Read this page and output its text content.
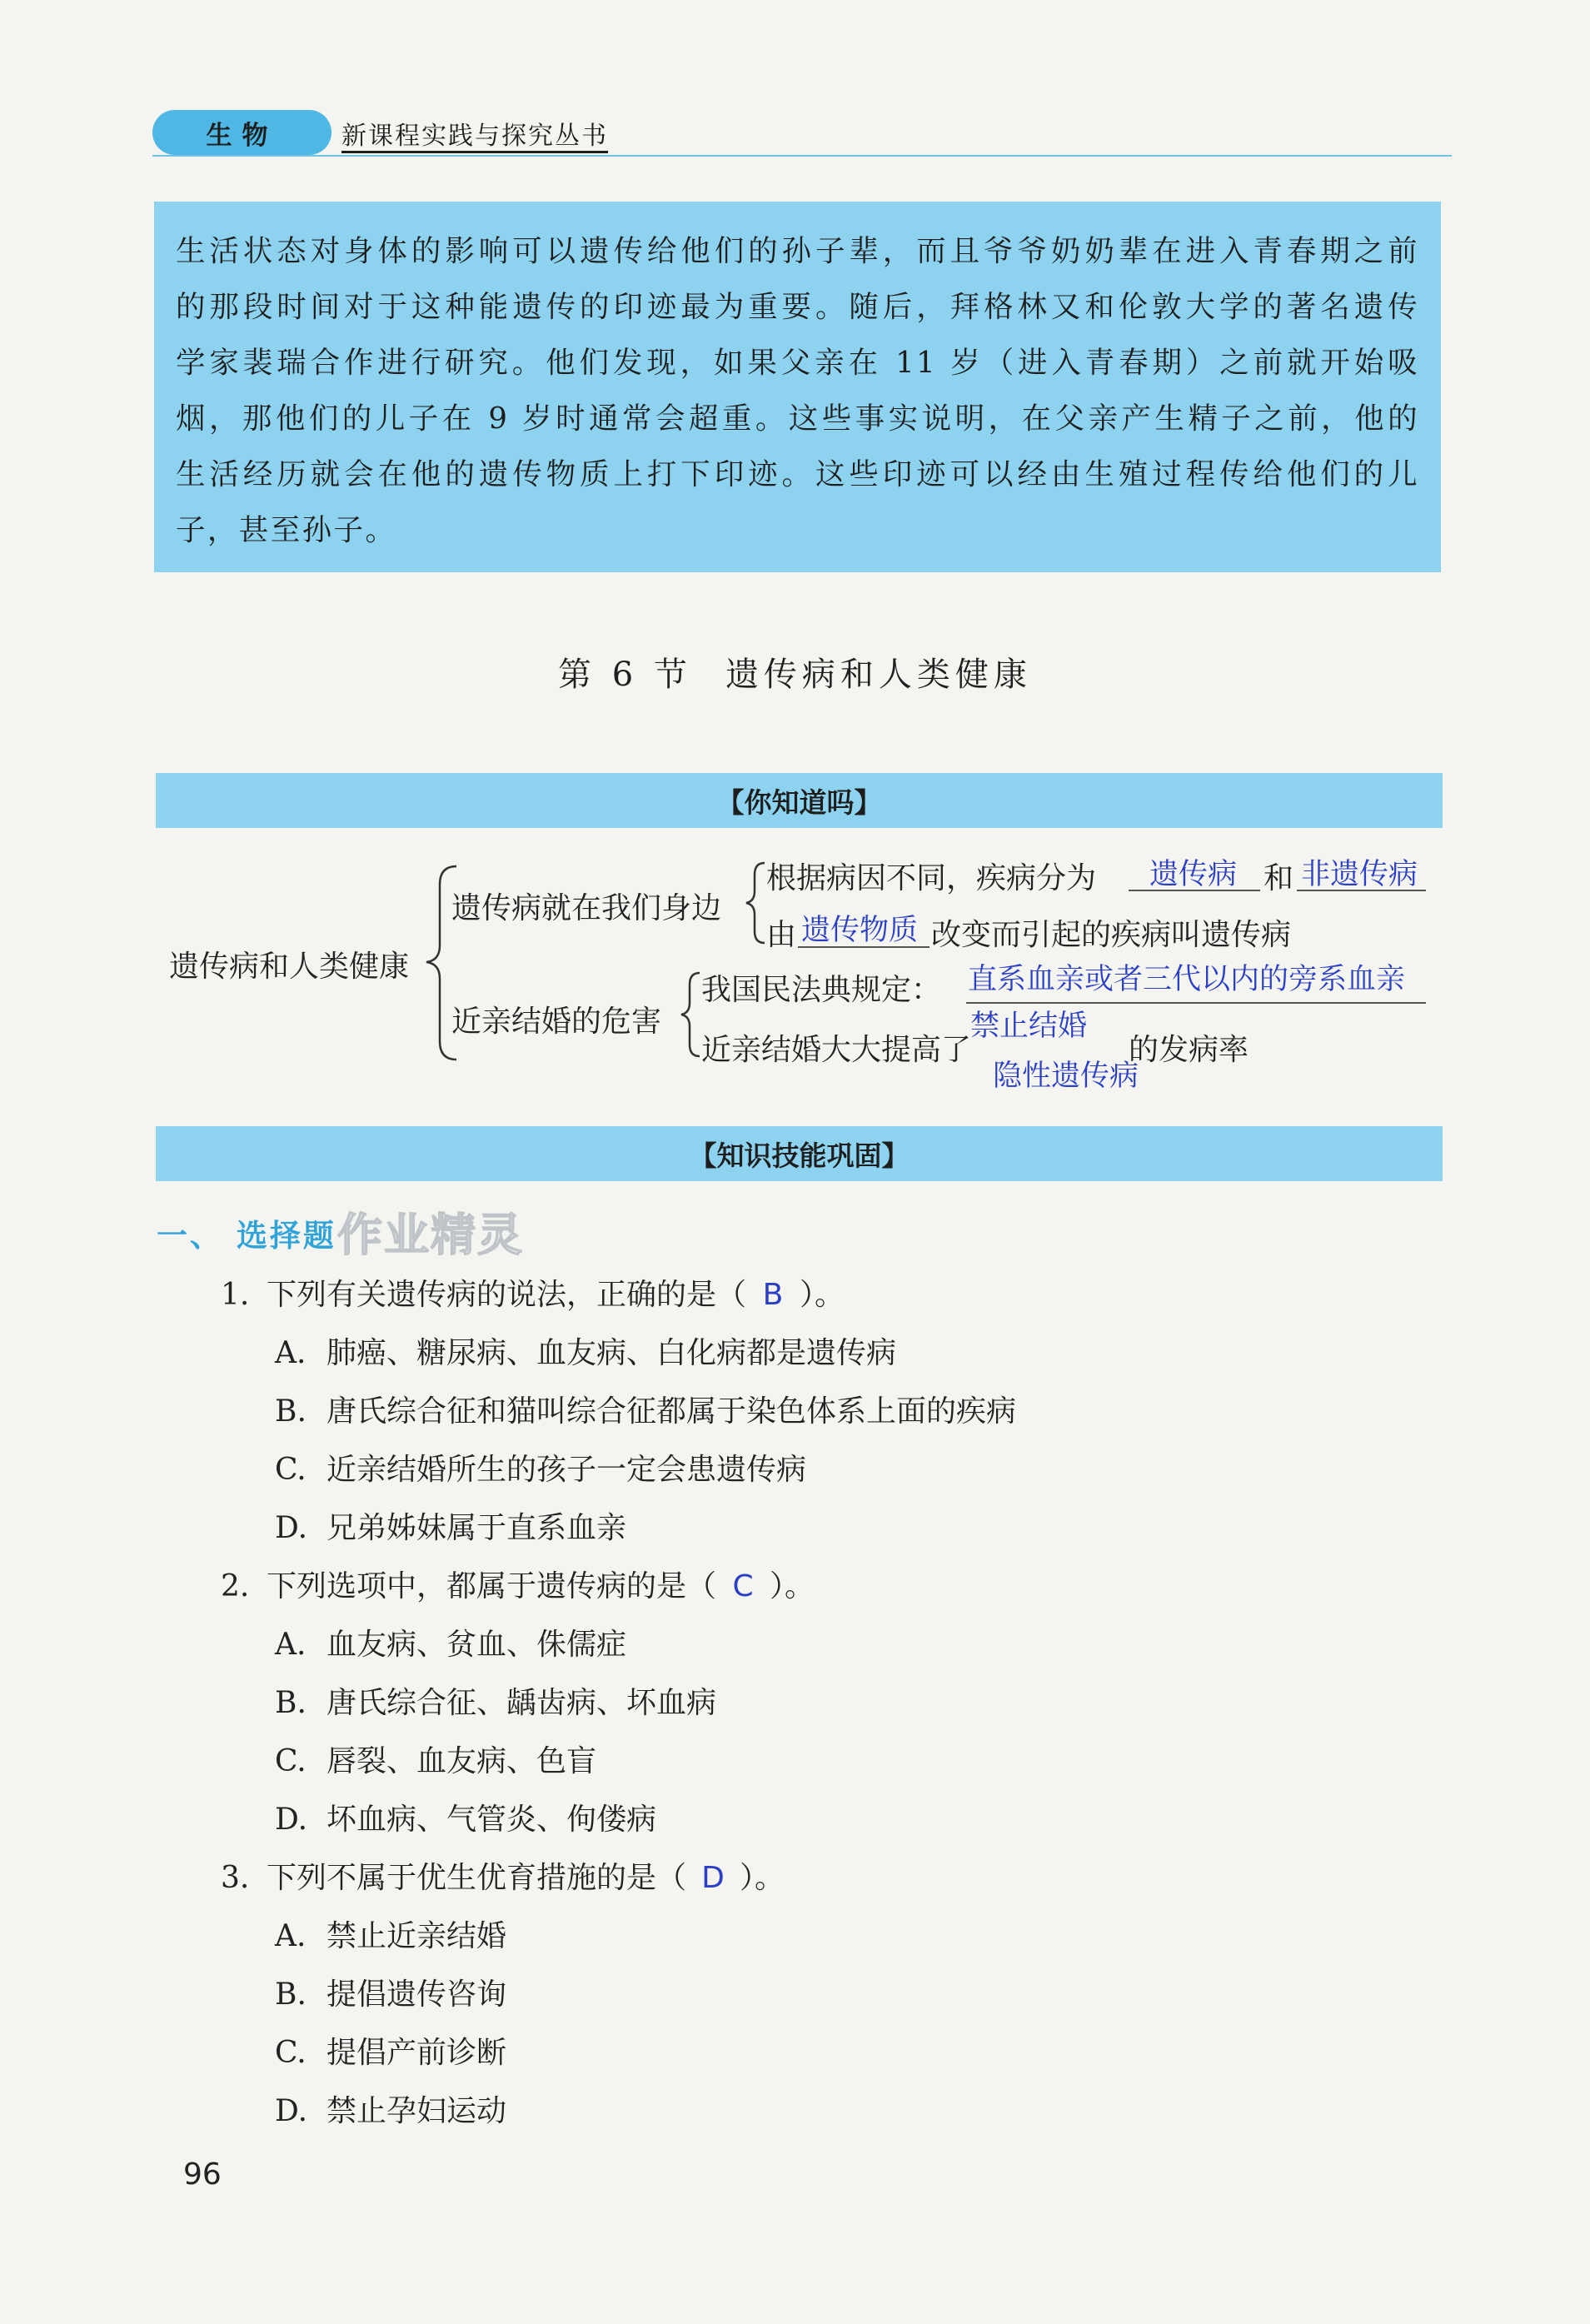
生物	新课程实践与探究丛书

生活状态对身体的影响可以遗传给他们的孙子辈，而且爷爷奶奶辈在进入青春期之前

的那段时间对于这种能遗传的印迹最为重要。随后，拜格林又和伦敦大学的著名遗传

学家裴瑞合作进行研究。他们发现，如果父亲在 11 岁（进入青春期）之前就开始吸

烟，那他们的儿子在 9 岁时通常会超重。这些事实说明，在父亲产生精子之前，他的

生活经历就会在他的遗传物质上打下印迹。这些印迹可以经由生殖过程传给他们的儿

子，甚至孙子。

第 6 节 遗传病和人类健康
【你知道吗】
遗传病和人类健康
遗传病就在我们身边
根据病因不同，疾病分为 遗传病 和 非遗传病
由 遗传物质 改变而引起的疾病叫遗传病
近亲结婚的危害
我国民法典规定： 直系血亲或者三代以内的旁系血亲
禁止结婚
近亲结婚大大提高了
隐性遗传病
的发病率
【知识技能巩固】
一、 选择题 作业精灵
1. 下列有关遗传病的说法，正确的是（ B ）。
A. 肺癌、糖尿病、血友病、白化病都是遗传病
B. 唐氏综合征和猫叫综合征都属于染色体系上面的疾病
C. 近亲结婚所生的孩子一定会患遗传病
D. 兄弟姊妹属于直系血亲
2. 下列选项中，都属于遗传病的是（ C ）。
A. 血友病、贫血、侏儒症
B. 唐氏综合征、龋齿病、坏血病
C. 唇裂、血友病、色盲
D. 坏血病、气管炎、佝偻病
3. 下列不属于优生优育措施的是（ D ）。
A. 禁止近亲结婚
B. 提倡遗传咨询
C. 提倡产前诊断
D. 禁止孕妇运动
96
